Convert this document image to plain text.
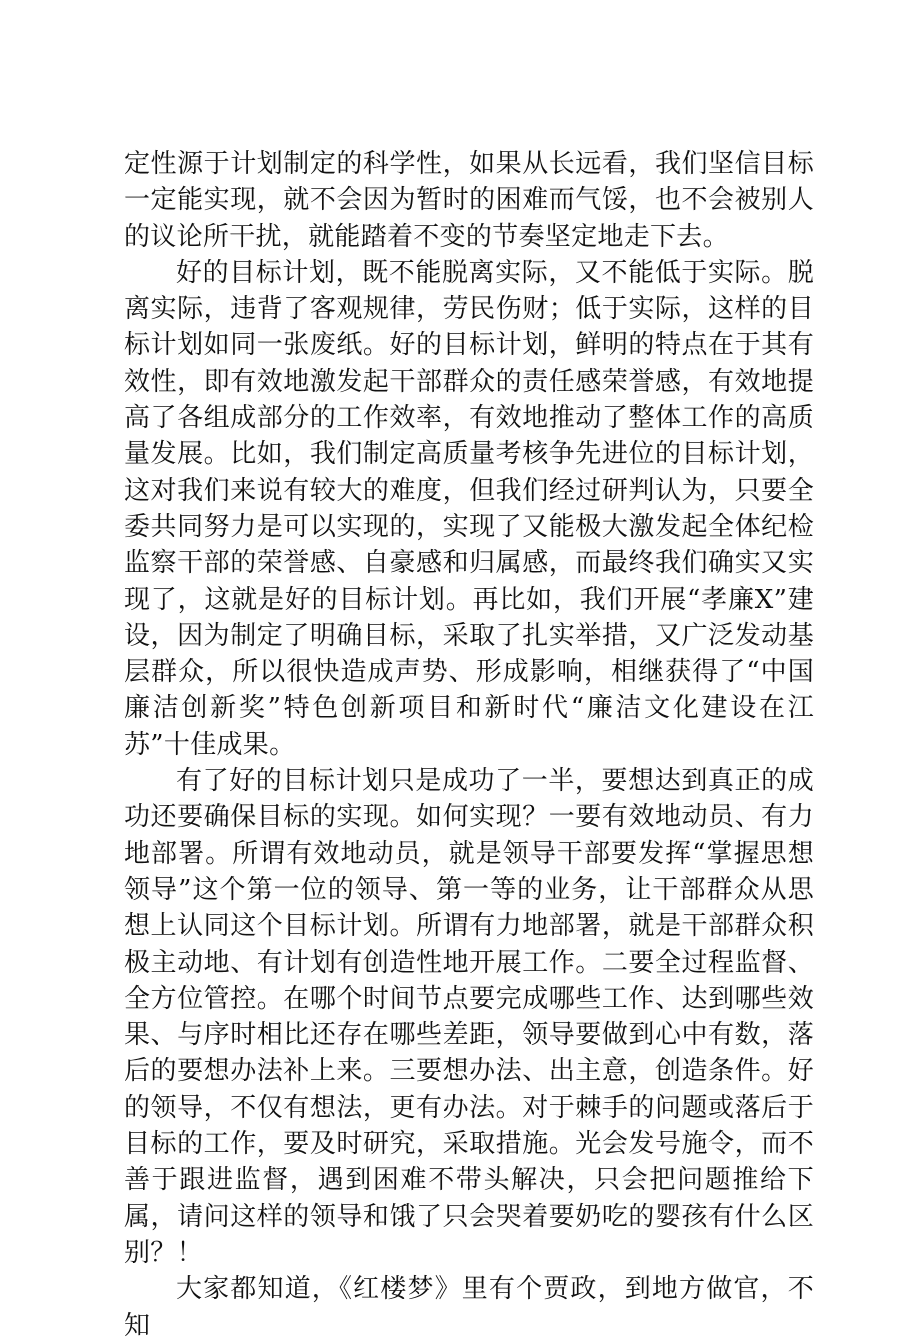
定性源于计划制定的科学性，如果从长远看，我们坚信目标一定能实现，就不会因为暂时的困难而气馁，也不会被别人的议论所干扰，就能踏着不变的节奏坚定地走下去。

好的目标计划，既不能脱离实际，又不能低于实际。脱离实际，违背了客观规律，劳民伤财；低于实际，这样的目标计划如同一张废纸。好的目标计划，鲜明的特点在于其有效性，即有效地激发起干部群众的责任感荣誉感，有效地提高了各组成部分的工作效率，有效地推动了整体工作的高质量发展。比如，我们制定高质量考核争先进位的目标计划，这对我们来说有较大的难度，但我们经过研判认为，只要全委共同努力是可以实现的，实现了又能极大激发起全体纪检监察干部的荣誉感、自豪感和归属感，而最终我们确实又实现了，这就是好的目标计划。再比如，我们开展“孝廉X”建设，因为制定了明确目标，采取了扎实举措，又广泛发动基层群众，所以很快造成声势、形成影响，相继获得了“中国廉洁创新奖”特色创新项目和新时代“廉洁文化建设在江苏”十佳成果。

有了好的目标计划只是成功了一半，要想达到真正的成功还要确保目标的实现。如何实现？一要有效地动员、有力地部署。所谓有效地动员，就是领导干部要发挥“掌握思想领导”这个第一位的领导、第一等的业务，让干部群众从思想上认同这个目标计划。所谓有力地部署，就是干部群众积极主动地、有计划有创造性地开展工作。二要全过程监督、全方位管控。在哪个时间节点要完成哪些工作、达到哪些效果、与序时相比还存在哪些差距，领导要做到心中有数，落后的要想办法补上来。三要想办法、出主意，创造条件。好的领导，不仅有想法，更有办法。对于棘手的问题或落后于目标的工作，要及时研究，采取措施。光会发号施令，而不善于跟进监督，遇到困难不带头解决，只会把问题推给下属，请问这样的领导和饿了只会哭着要奶吃的婴孩有什么区别？！

大家都知道，《红楼梦》里有个贾政，到地方做官，不知
